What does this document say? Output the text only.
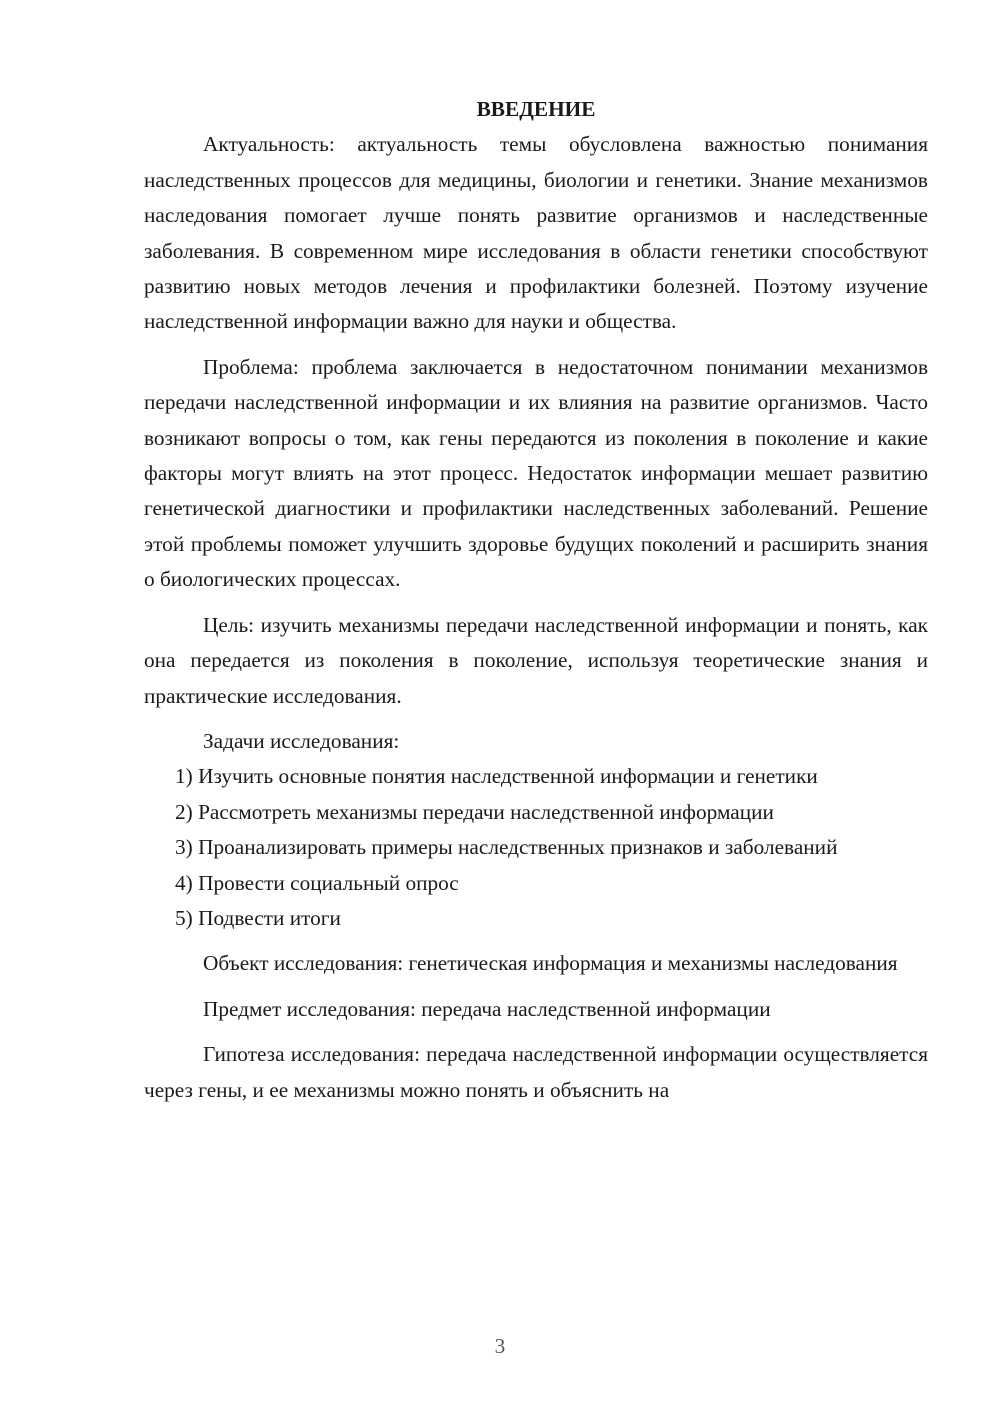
ВВЕДЕНИЕ

Актуальность: актуальность темы обусловлена важностью понимания наследственных процессов для медицины, биологии и генетики. Знание механизмов наследования помогает лучше понять развитие организмов и наследственные заболевания. В современном мире исследования в области генетики способствуют развитию новых методов лечения и профилактики болезней. Поэтому изучение наследственной информации важно для науки и общества.

Проблема: проблема заключается в недостаточном понимании механизмов передачи наследственной информации и их влияния на развитие организмов. Часто возникают вопросы о том, как гены передаются из поколения в поколение и какие факторы могут влиять на этот процесс. Недостаток информации мешает развитию генетической диагностики и профилактики наследственных заболеваний. Решение этой проблемы поможет улучшить здоровье будущих поколений и расширить знания о биологических процессах.

Цель: изучить механизмы передачи наследственной информации и понять, как она передается из поколения в поколение, используя теоретические знания и практические исследования.

Задачи исследования:

1) Изучить основные понятия наследственной информации и генетики

2) Рассмотреть механизмы передачи наследственной информации

3) Проанализировать примеры наследственных признаков и заболеваний

4) Провести социальный опрос

5) Подвести итоги

Объект исследования: генетическая информация и механизмы наследования

Предмет исследования: передача наследственной информации

Гипотеза исследования: передача наследственной информации осуществляется через гены, и ее механизмы можно понять и объяснить на

3
